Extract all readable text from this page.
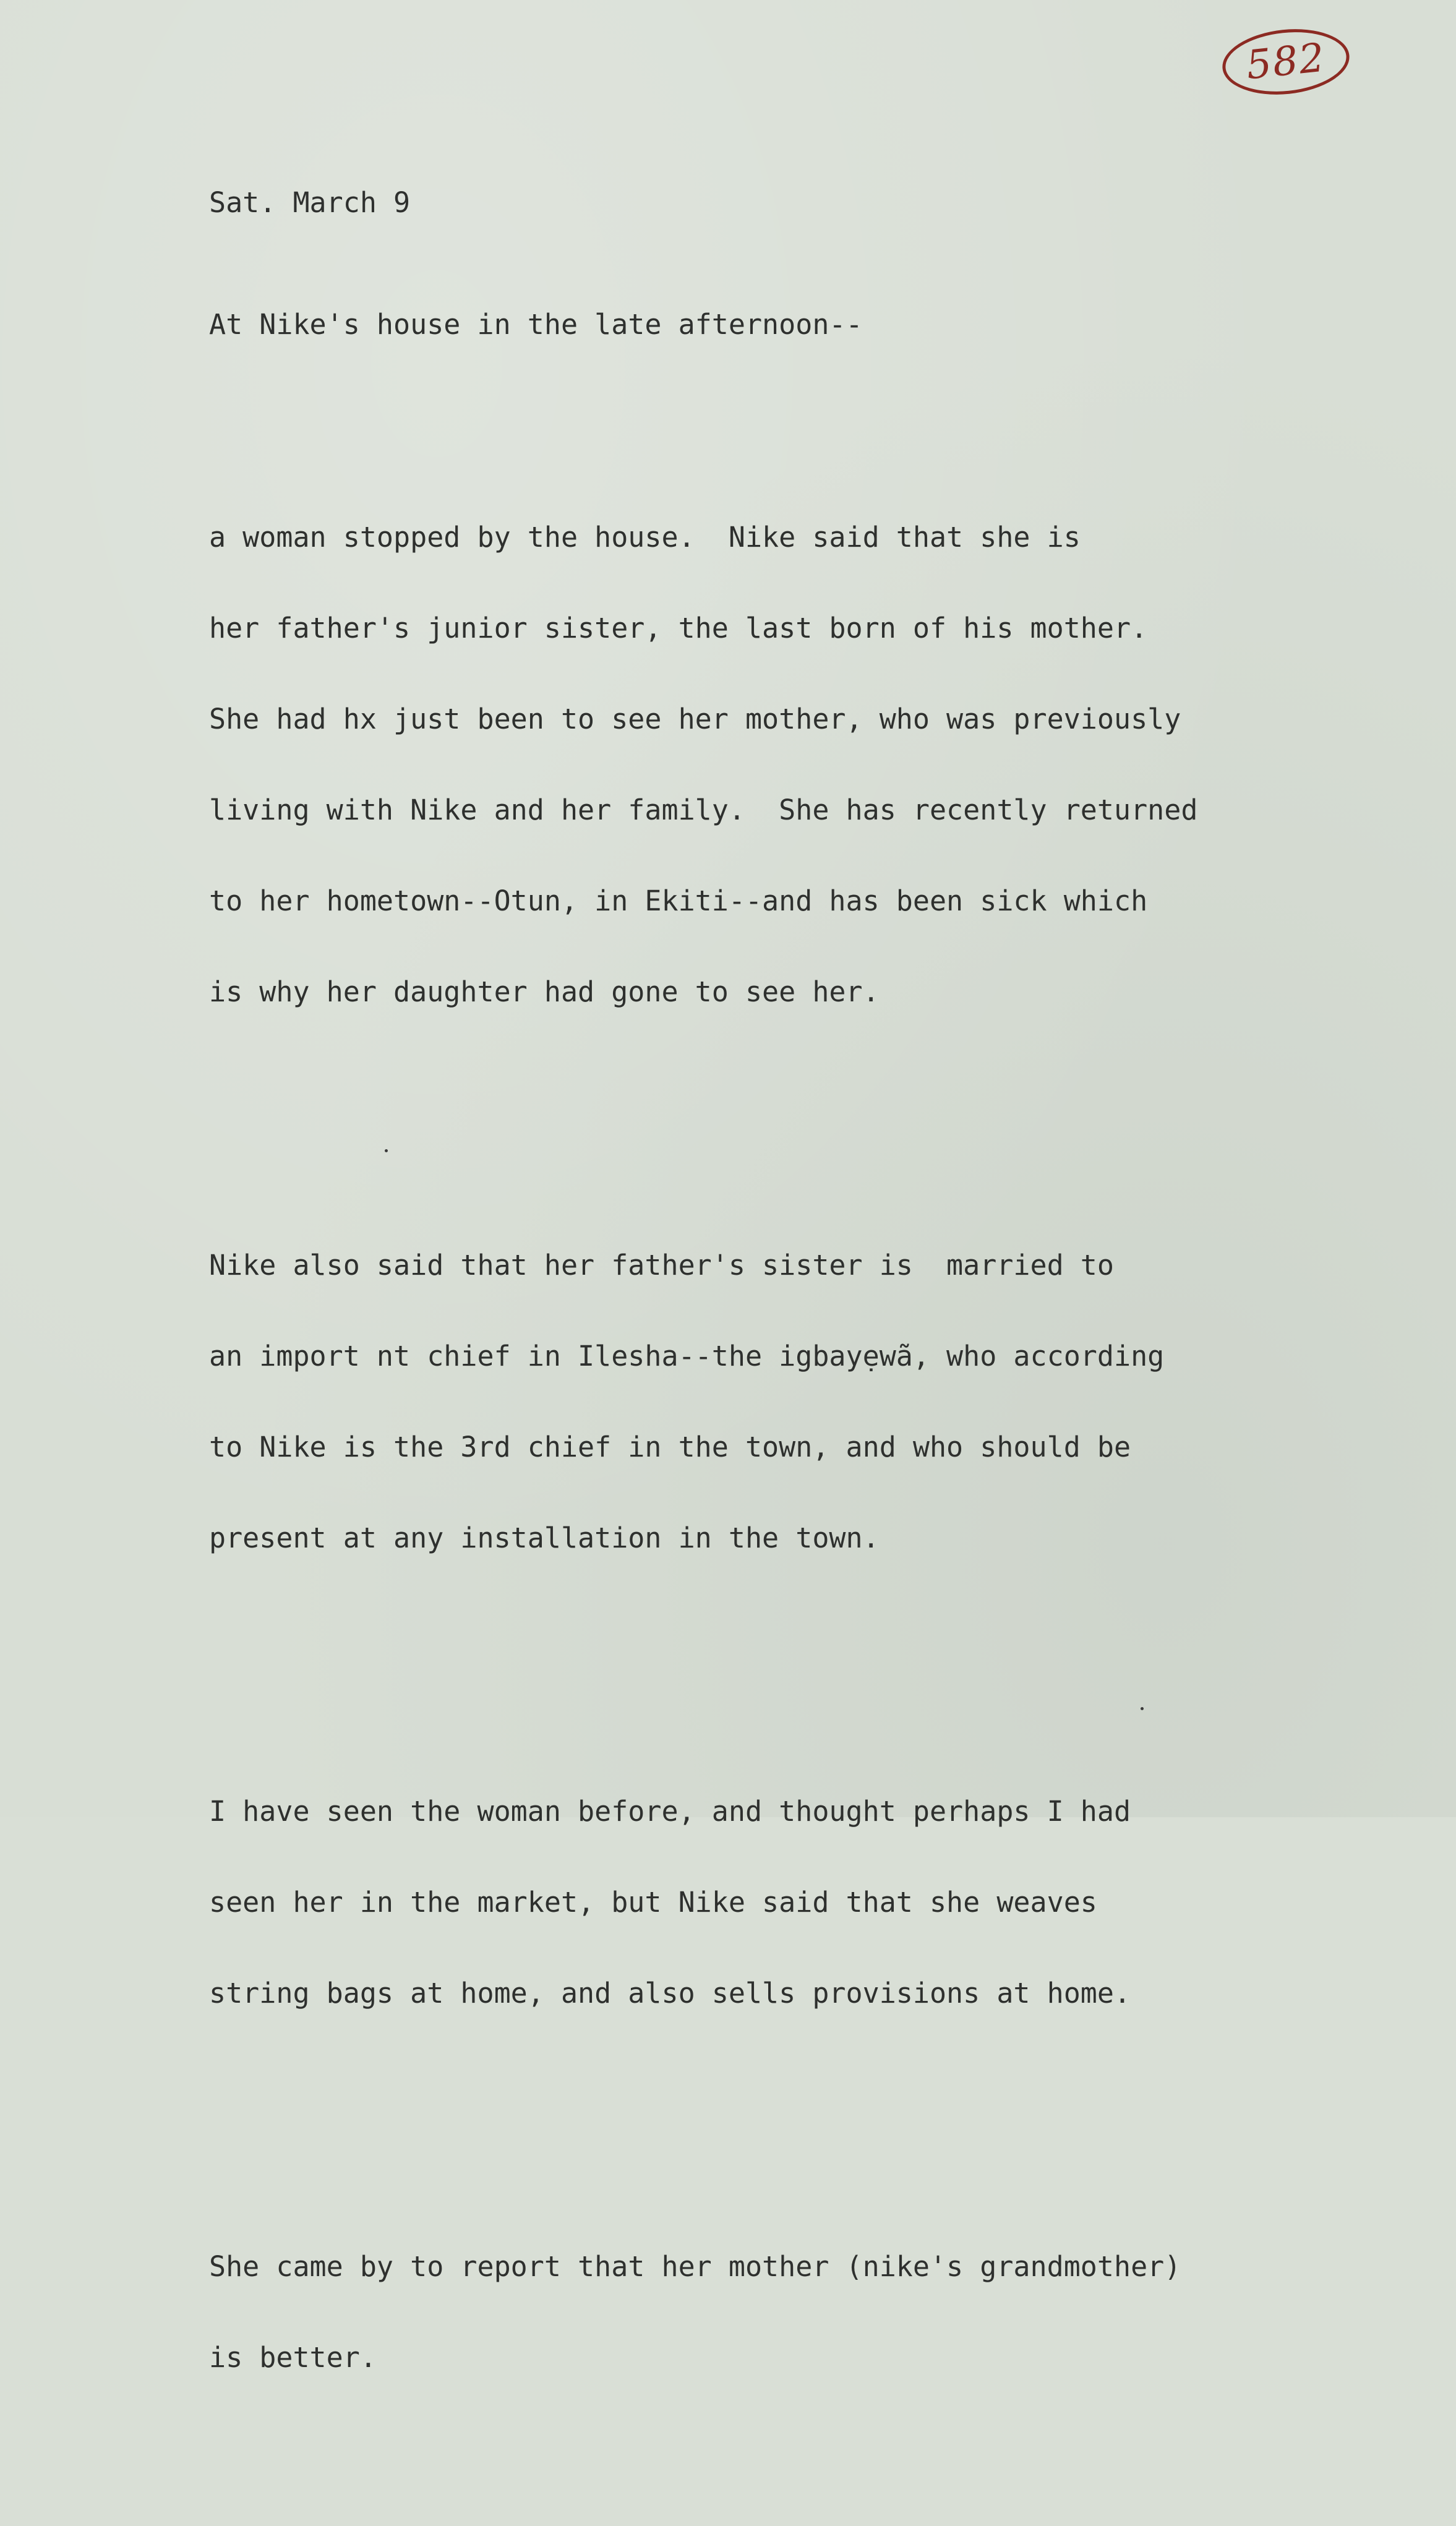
582

Sat. March 9

At Nike's house in the late afternoon--

a woman stopped by the house.  Nike said that she is

her father's junior sister, the last born of his mother.

She had hx just been to see her mother, who was previously

living with Nike and her family.  She has recently returned

to her hometown--Otun, in Ekiti--and has been sick which

is why her daughter had gone to see her.

Nike also said that her father's sister is  married to

an import nt chief in Ilesha--the igbayẹwã, who according

to Nike is the 3rd chief in the town, and who should be

present at any installation in the town.

I have seen the woman before, and thought perhaps I had

seen her in the market, but Nike said that she weaves

string bags at home, and also sells provisions at home.

She came by to report that her mother (nike's grandmother)

is better.
